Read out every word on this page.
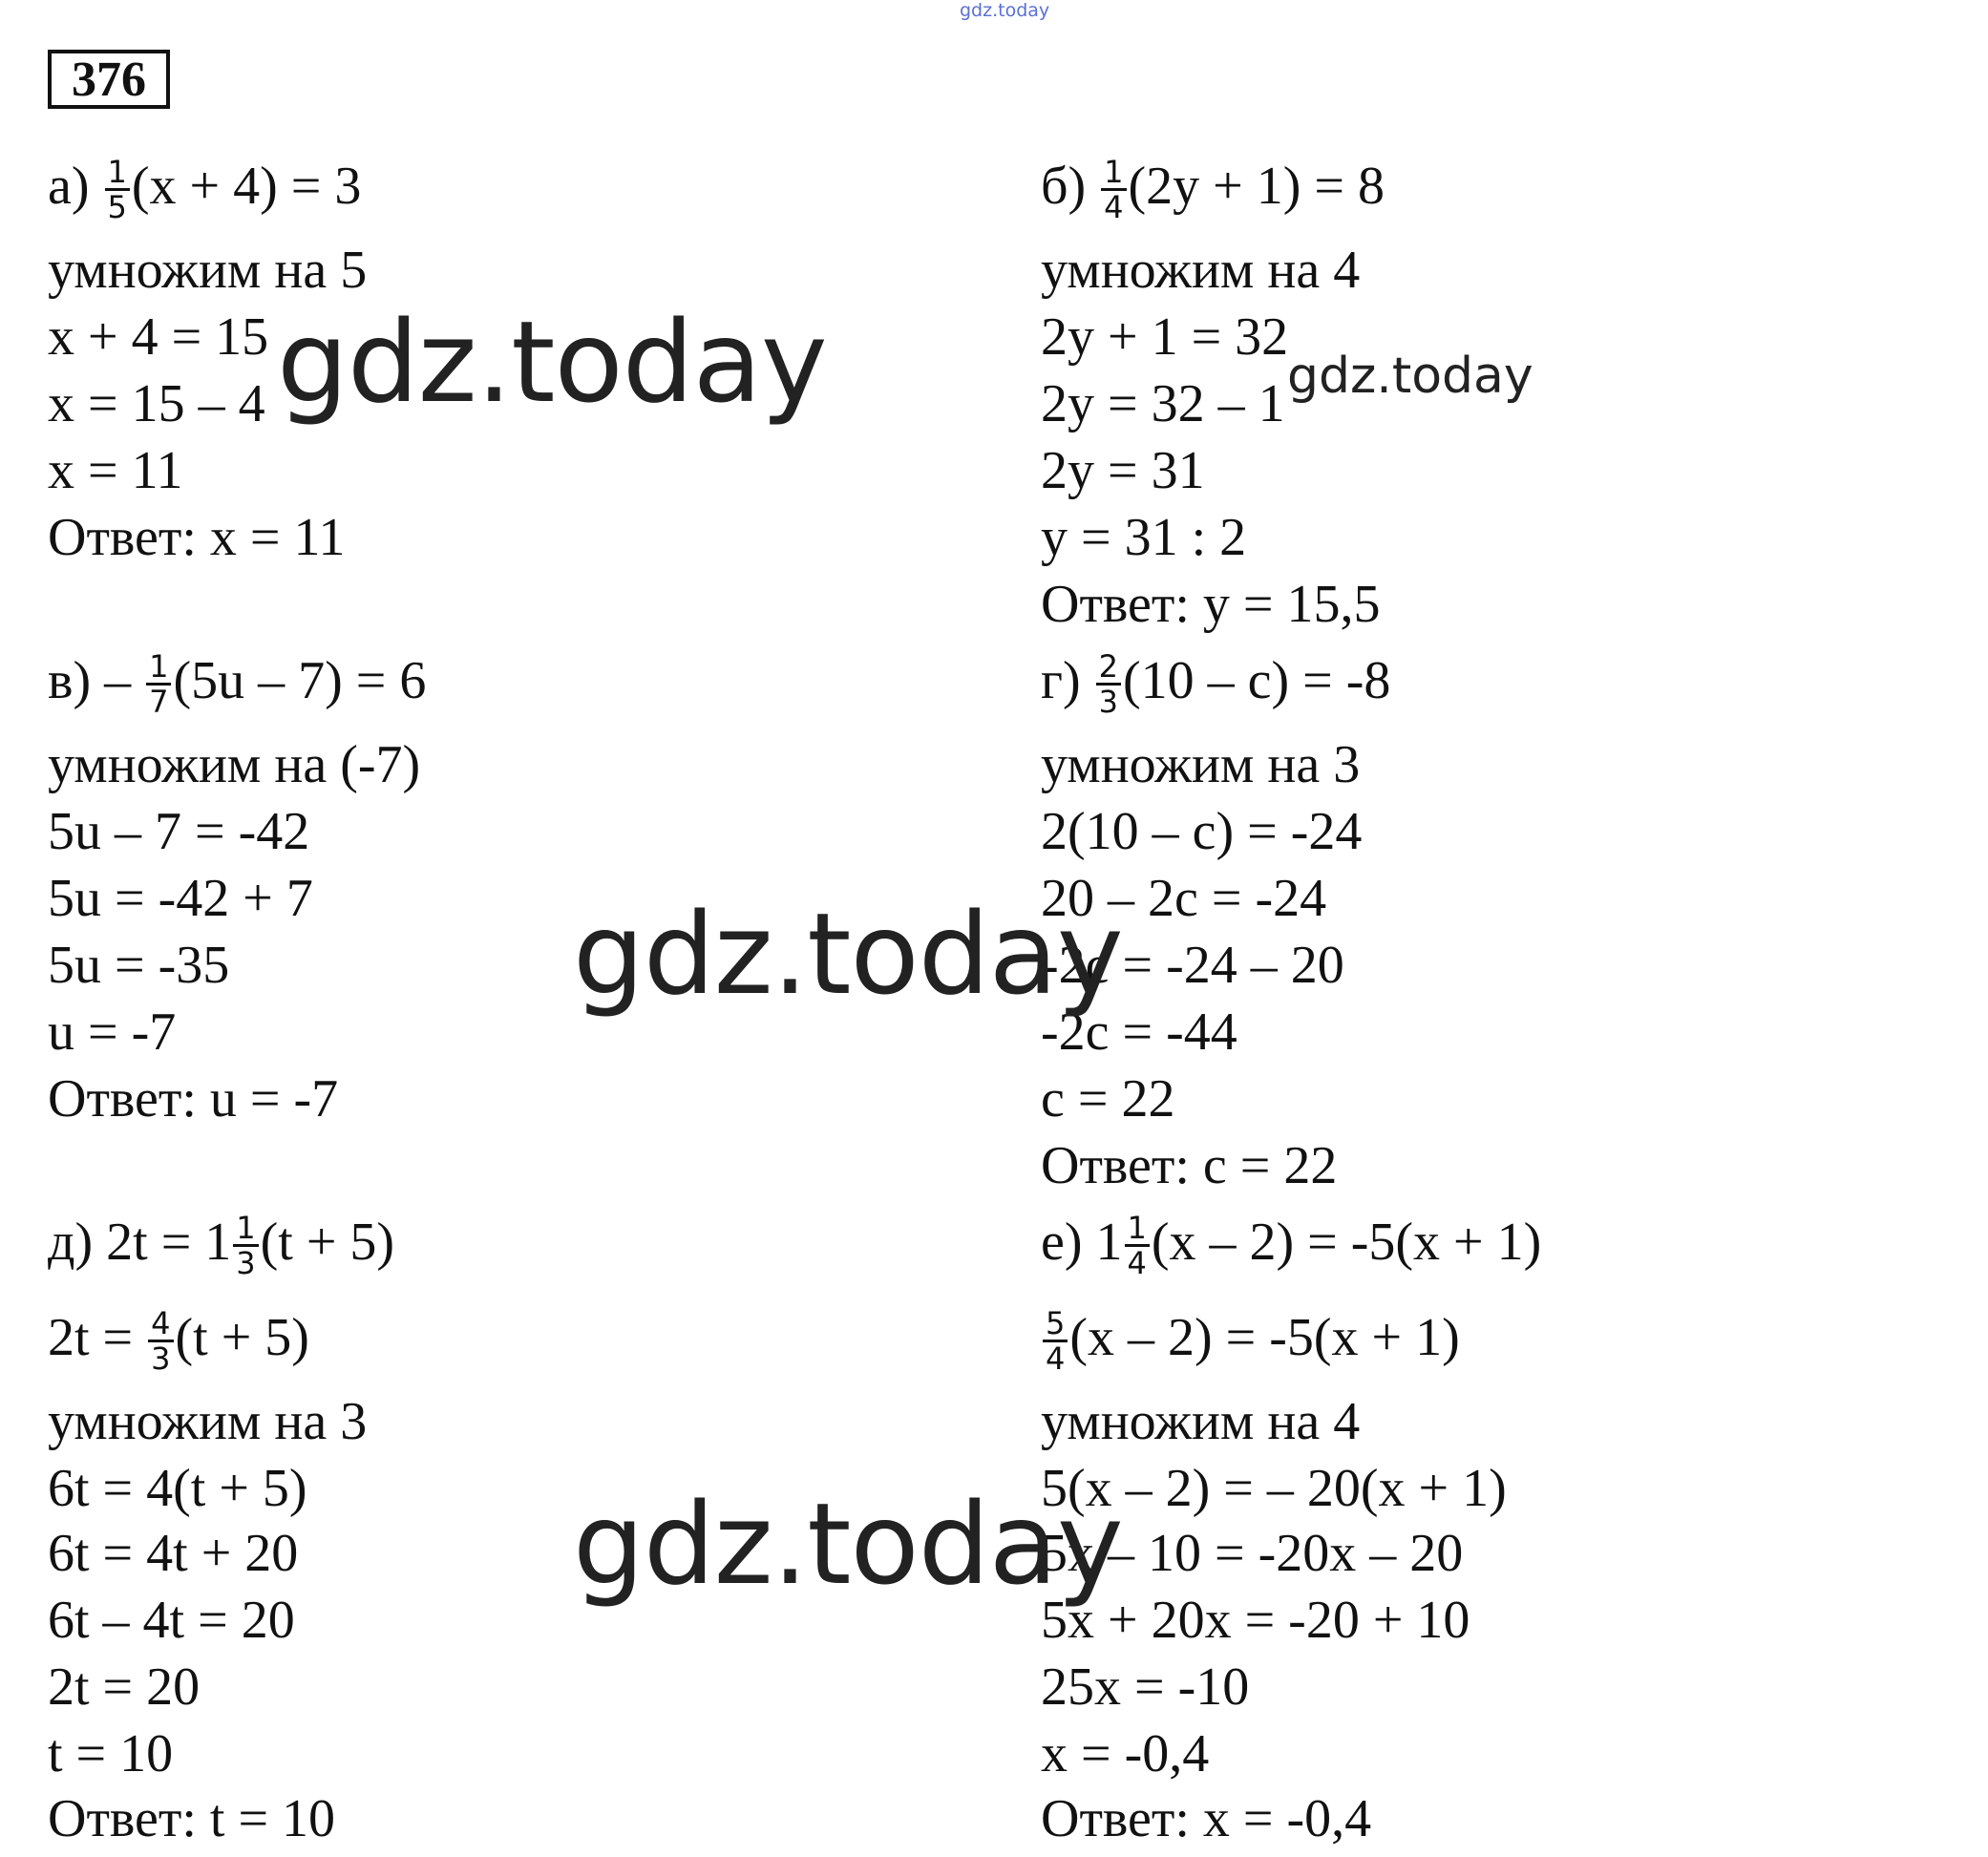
gdz.today
376
$а) \frac{1}{5} (x + 4) = 3$
умножим на 5
x + 4 = 15
x = 15 – 4
x = 11
Ответ: x = 11
$б) \frac{1}{4} (2y + 1) = 8$
умножим на 4
2y + 1 = 32
2y = 32 – 1
2y = 31
y = 31 : 2
Ответ: y = 15,5
$в) - \frac{1}{7} (5u - 7) = 6$
умножим на (-7)
5u – 7 = -42
5u = -42 + 7
5u = -35
u = -7
Ответ: u = -7
$г) \frac{2}{3} (10 - c) = -8$
умножим на 3
2(10 – c) = -24
20 – 2c = -24
-2c = -24 – 20
-2c = -44
c = 22
Ответ: c = 22
д) $2t = 1 \frac{1}{3} (t + 5)$
$2t = \frac{4}{3} (t + 5)$
умножим на 3
6t = 4(t + 5)
6t = 4t + 20
6t – 4t = 20
2t = 20
t = 10
Ответ: t = 10
е) $1 \frac{1}{4} (x - 2) = -5(x + 1)$
$\frac{5}{4} (x - 2) = -5(x + 1)$
умножим на 4
5(x – 2) = – 20(x + 1)
5x – 10 = -20x – 20
5x + 20x = -20 + 10
25x = -10
x = -0,4
Ответ: x = -0,4
gdz.today	gdz.today
gdz.today
gdz.today
